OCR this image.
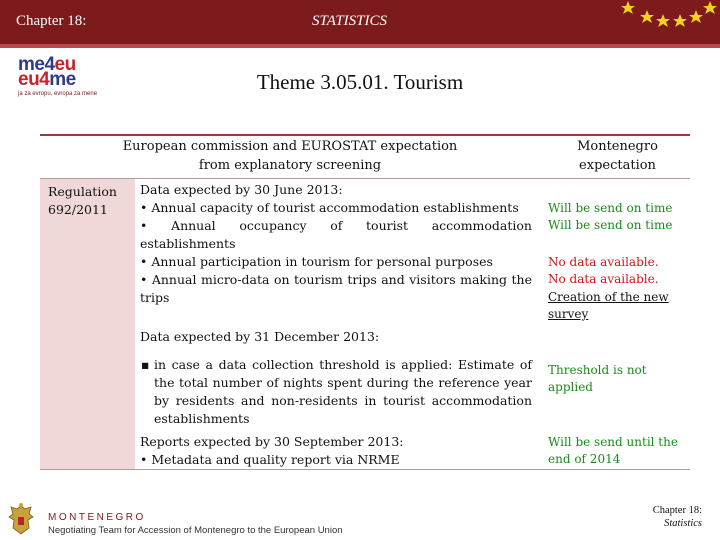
Chapter 18:	STATISTICS
me4eu
eu4me
ja za evropu, evropa za mene	Theme 3.05.01. Tourism
European commission and EUROSTAT expectation
from explanatory screening
Montenegro
expectation
Regulation
692/2011
Data expected by 30 June 2013:
• Annual capacity of tourist accommodation establishments
• Annual occupancy of tourist accommodation establishments
• Annual participation in tourism for personal purposes
• Annual micro-data on tourism trips and visitors making the trips
Data expected by 31 December 2013:
▪ in case a data collection threshold is applied: Estimate of the total number of nights spent during the reference year by residents and non-residents in tourist accommodation establishments
Reports expected by 30 September 2013:
• Metadata and quality report via NRME
Will be send on time
Will be send on time
No data available.
No data available.
Creation of the new
survey
Threshold is not
applied
Will be send until the
end of 2014
MONTENEGRO
Negotiating Team for Accession of Montenegro to the European Union
Chapter 18:
Statistics
